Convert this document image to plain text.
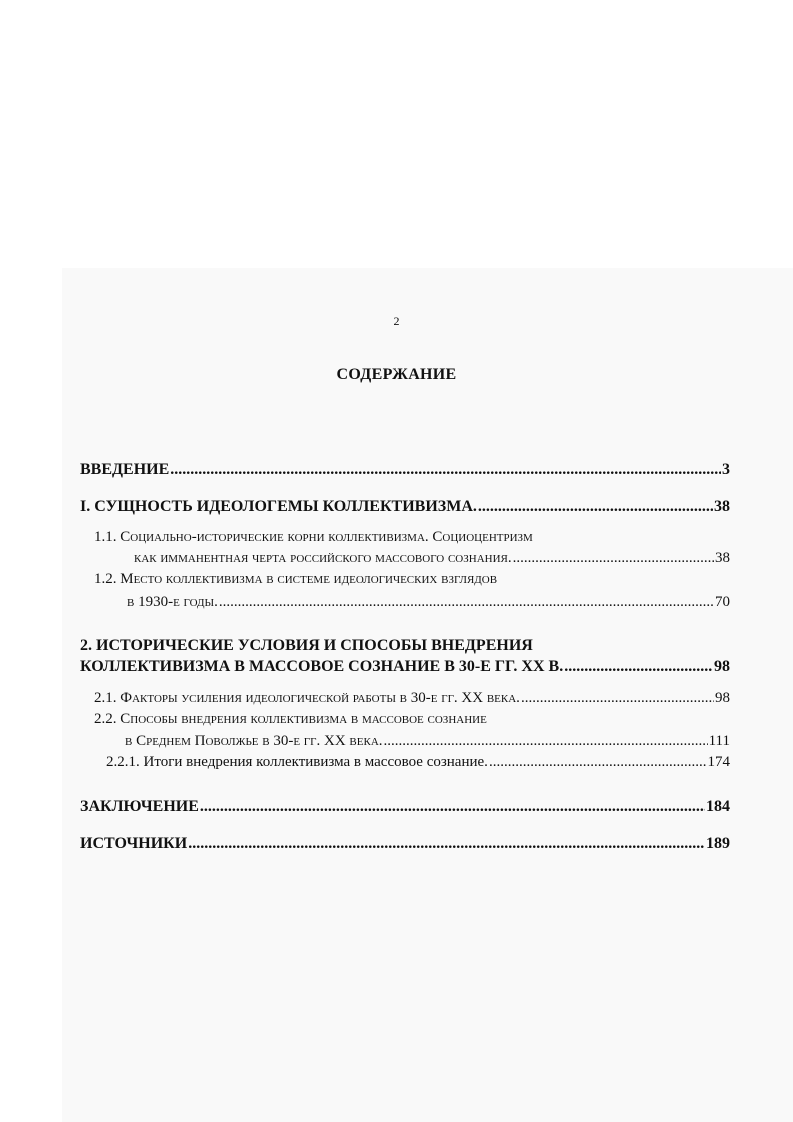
2
СОДЕРЖАНИЕ
ВВЕДЕНИЕ .....	3
I. СУЩНОСТЬ ИДЕОЛОГЕМЫ КОЛЛЕКТИВИЗМА. .....	38
1.1. Социально-исторические корни коллективизма. Социоцентризм
как имманентная черта российского массового сознания. .....	38
1.2. Место коллективизма в системе идеологических взглядов
в 1930-е годы. .....	70
2. ИСТОРИЧЕСКИЕ УСЛОВИЯ И СПОСОБЫ ВНЕДРЕНИЯ
КОЛЛЕКТИВИЗМА В МАССОВОЕ СОЗНАНИЕ В 30-Е ГГ. XX В. .....	98
2.1. Факторы усиления идеологической работы в 30-е гг. XX века. .....	98
2.2. Способы внедрения коллективизма в массовое сознание
в Среднем Поволжье в 30-е гг. XX века. .....	111
2.2.1. Итоги внедрения коллективизма в массовое сознание. .....	174
ЗАКЛЮЧЕНИЕ .....	184
ИСТОЧНИКИ .....	189
